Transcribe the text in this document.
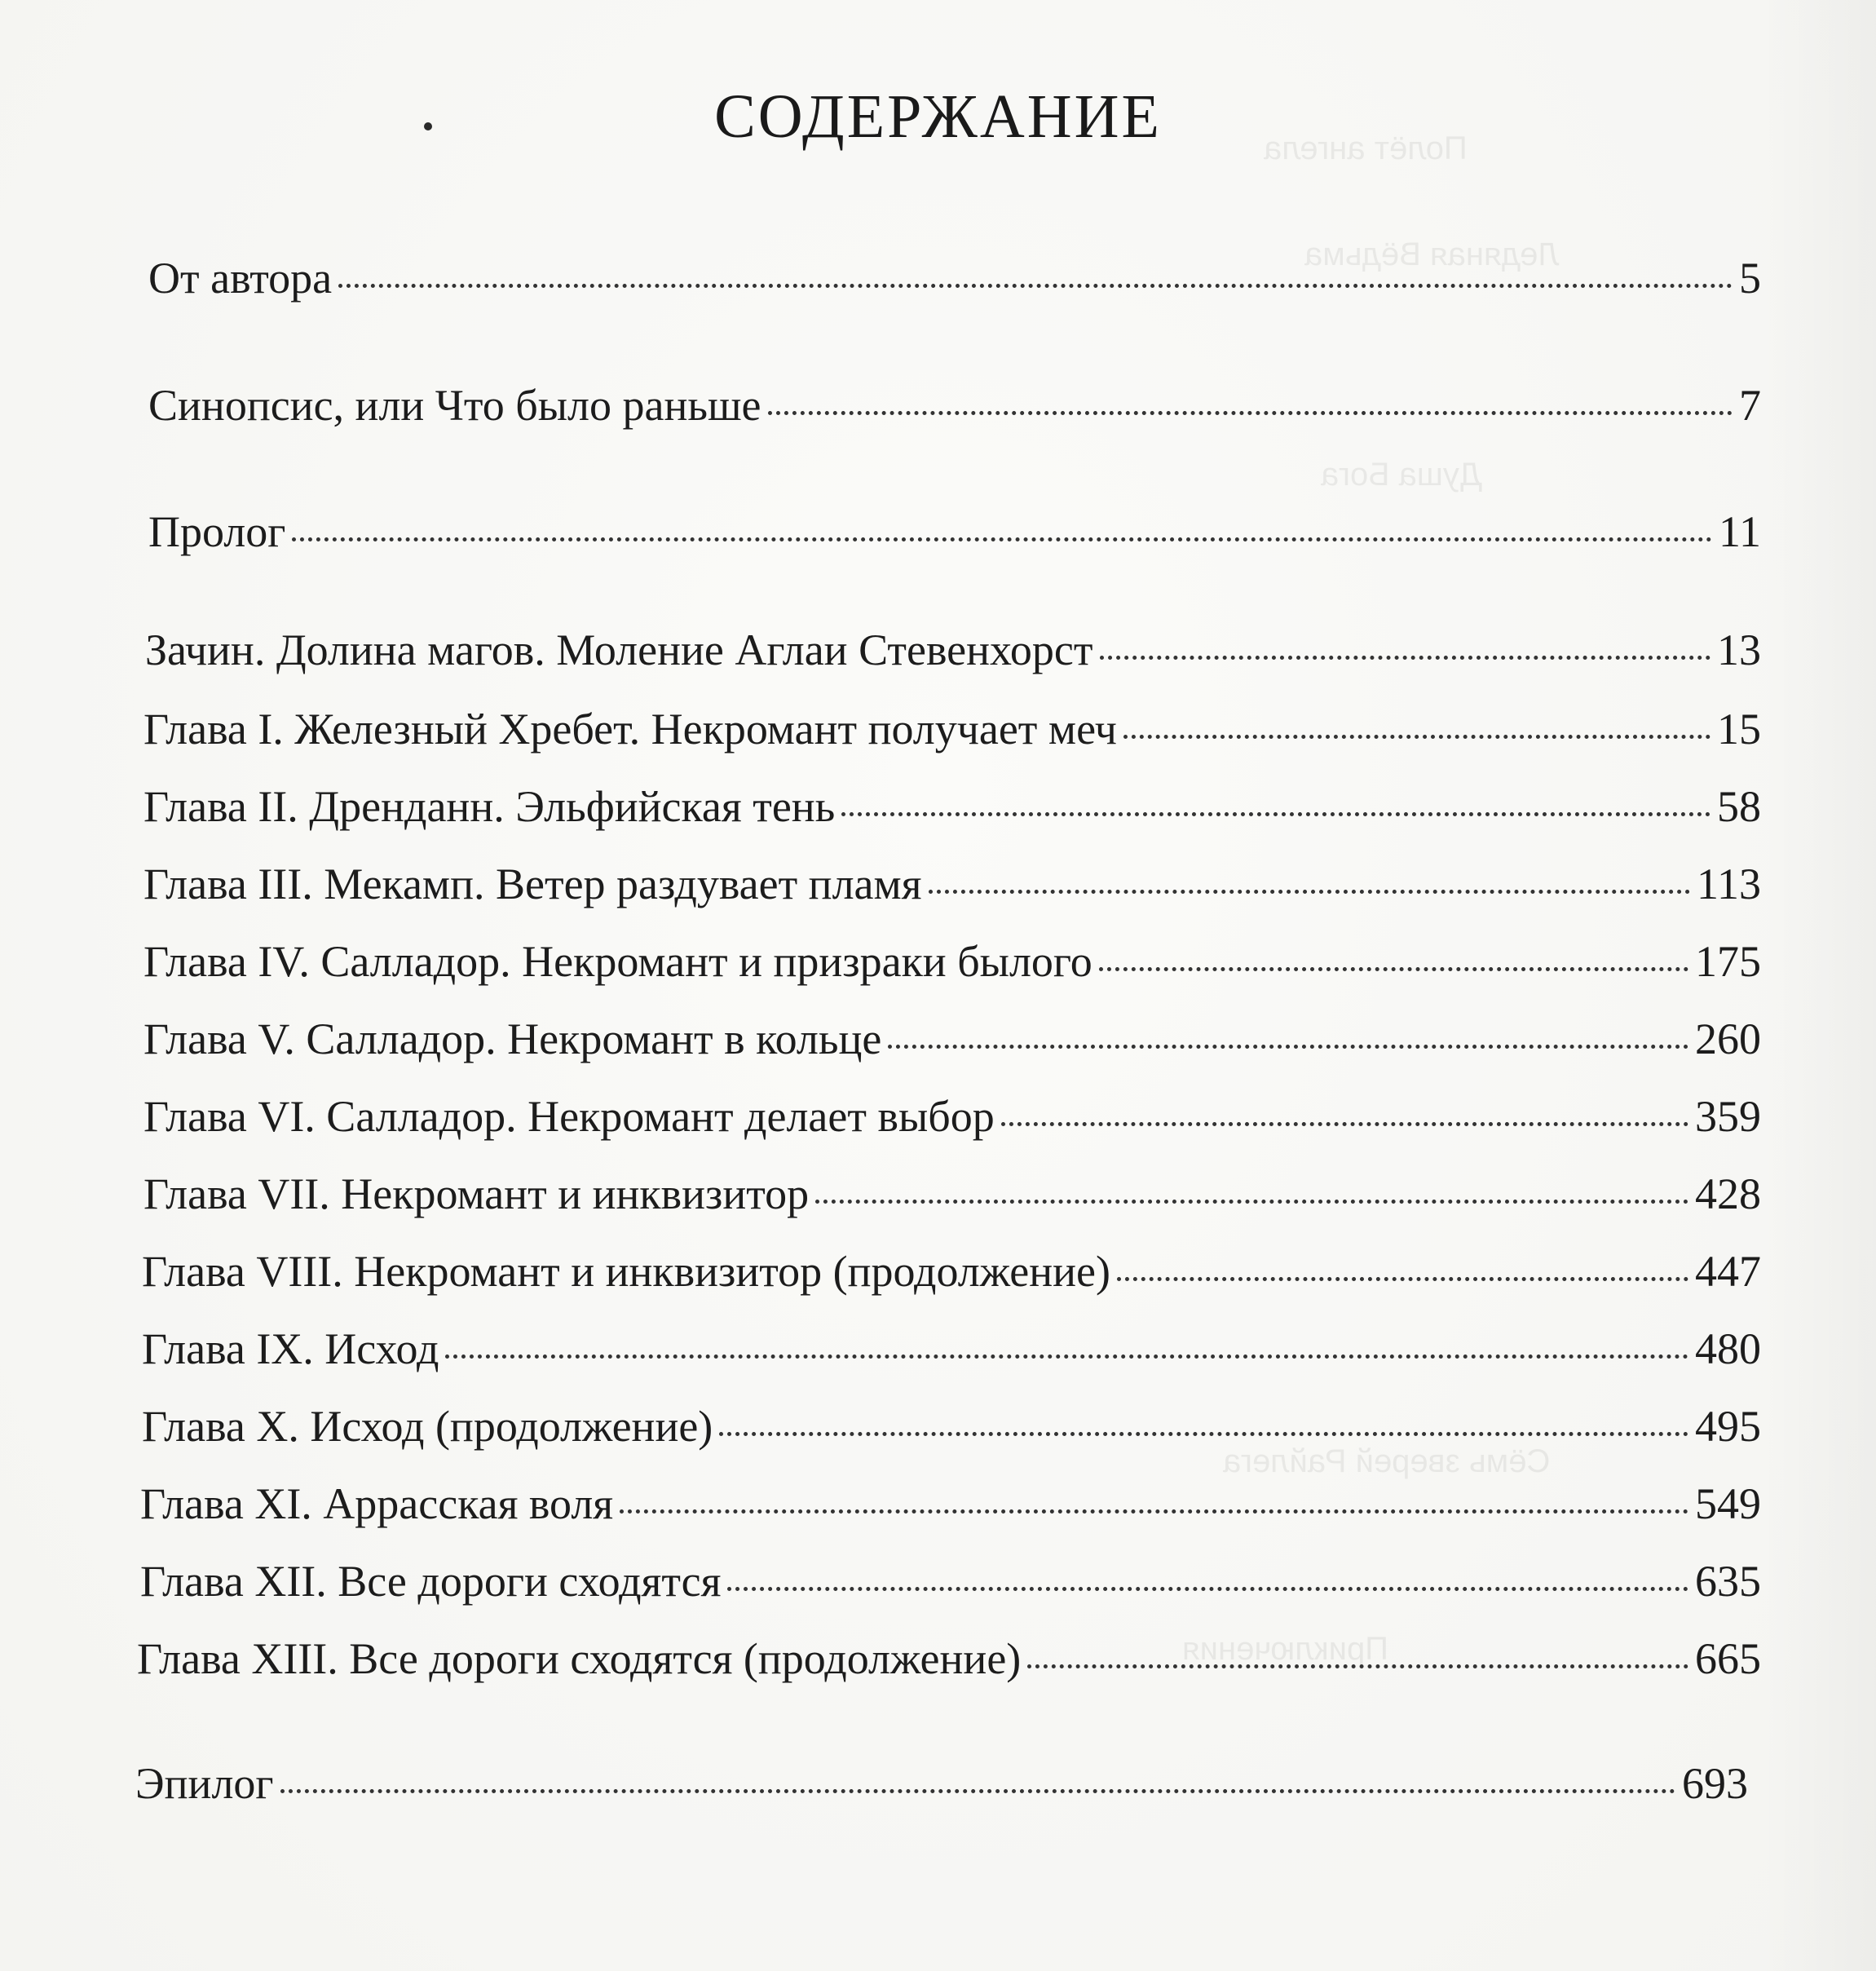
Полёт ангела
Ледяная Вёдьма
Душа Бога
Сёмь зверей Райлега
Приключения
СОДЕРЖАНИЕ
От автора	5
Синопсис, или Что было раньше	7
Пролог	11
Зачин. Долина магов. Моление Аглаи Стевенхорст	13
Глава I. Железный Хребет. Некромант получает меч	15
Глава II. Дренданн. Эльфийская тень	58
Глава III. Мекамп. Ветер раздувает пламя	113
Глава IV. Салладор. Некромант и призраки былого	175
Глава V. Салладор. Некромант в кольце	260
Глава VI. Салладор. Некромант делает выбор	359
Глава VII. Некромант и инквизитор	428
Глава VIII. Некромант и инквизитор (продолжение)	447
Глава IX. Исход	480
Глава X. Исход (продолжение)	495
Глава XI. Аррасская воля	549
Глава XII. Все дороги сходятся	635
Глава XIII. Все дороги сходятся (продолжение)	665
Эпилог	693
